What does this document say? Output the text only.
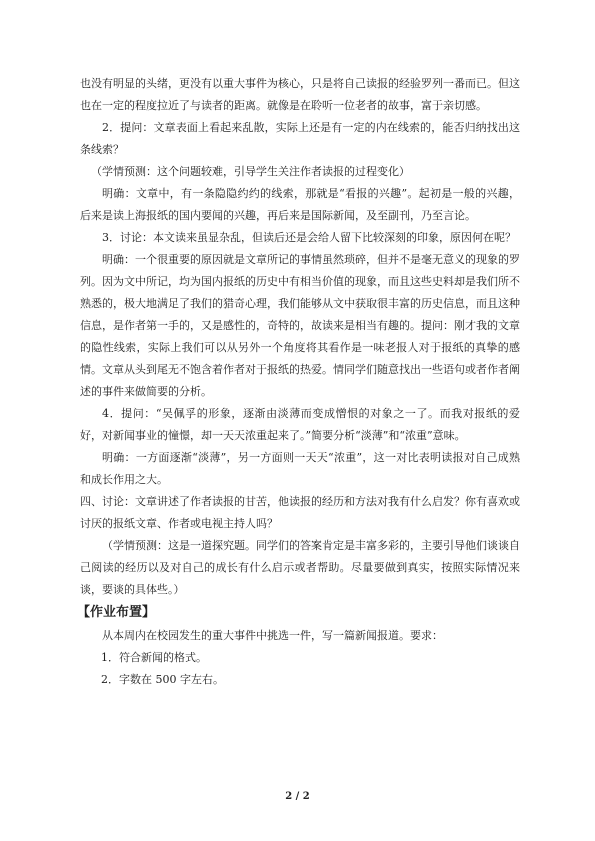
也没有明显的头绪，更没有以重大事件为核心，只是将自己读报的经验罗列一番而已。但这也在一定的程度拉近了与读者的距离。就像是在聆听一位老者的故事，富于亲切感。

2．提问：文章表面上看起来乱散，实际上还是有一定的内在线索的，能否归纳找出这条线索？

（学情预测：这个问题较难，引导学生关注作者读报的过程变化）

明确：文章中，有一条隐隐约约的线索，那就是“看报的兴趣”。起初是一般的兴趣，后来是读上海报纸的国内要闻的兴趣，再后来是国际新闻，及至副刊，乃至言论。

3．讨论：本文读来虽显杂乱，但读后还是会给人留下比较深刻的印象，原因何在呢？

明确：一个很重要的原因就是文章所记的事情虽然琐碎，但并不是毫无意义的现象的罗列。因为文中所记，均为国内报纸的历史中有相当价值的现象，而且这些史料却是我们所不熟悉的，极大地满足了我们的猎奇心理，我们能够从文中获取很丰富的历史信息，而且这种信息，是作者第一手的，又是感性的，奇特的，故读来是相当有趣的。提问：刚才我的文章的隐性线索，实际上我们可以从另外一个角度将其看作是一味老报人对于报纸的真挚的感情。文章从头到尾无不饱含着作者对于报纸的热爱。情同学们随意找出一些语句或者作者阐述的事件来做简要的分析。

4．提问：“吴佩孚的形象，逐渐由淡薄而变成憎恨的对象之一了。而我对报纸的爱好，对新闻事业的憧憬，却一天天浓重起来了。”简要分析“淡薄”和“浓重”意味。

明确：一方面逐渐“淡薄”，另一方面则一天天“浓重”，这一对比表明读报对自己成熟和成长作用之大。

四、讨论：文章讲述了作者读报的甘苦，他读报的经历和方法对我有什么启发？你有喜欢或讨厌的报纸文章、作者或电视主持人吗？

（学情预测：这是一道探究题。同学们的答案肯定是丰富多彩的，主要引导他们谈谈自己阅读的经历以及对自己的成长有什么启示或者帮助。尽量要做到真实，按照实际情况来谈，要谈的具体些。）

【作业布置】

从本周内在校园发生的重大事件中挑选一件，写一篇新闻报道。要求：

1．符合新闻的格式。

2．字数在 500 字左右。

2 / 2
